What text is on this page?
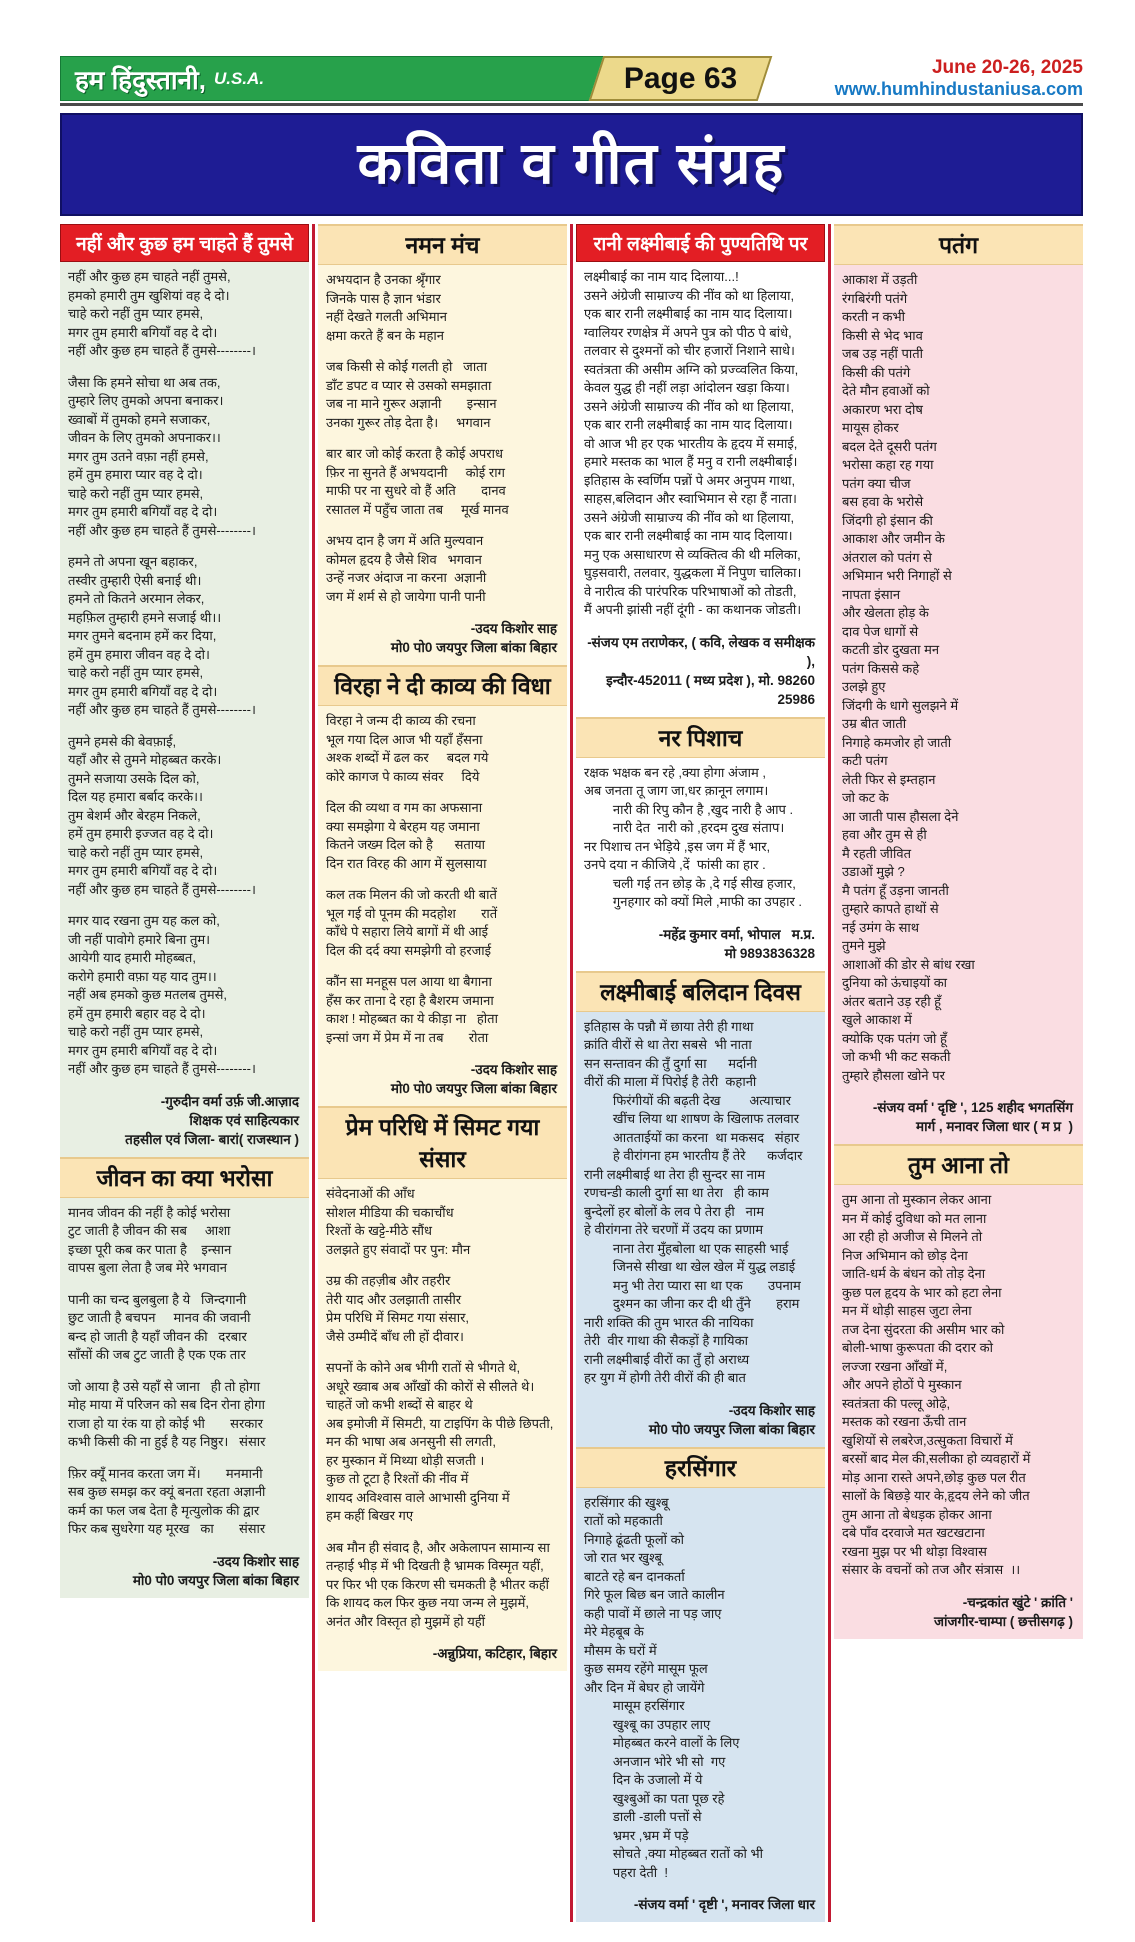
हम हिंदुस्तानी, U.S.A.	Page 63	June 20-26, 2025
www.humhindustaniusa.com
कविता व गीत संग्रह
नहीं और कुछ हम चाहते हैं तुमसे
नहीं और कुछ हम चाहते नहीं तुमसे,
हमको हमारी तुम खुशियां वह दे दो।
चाहे करो नहीं तुम प्यार हमसे,
मगर तुम हमारी बगियाँ वह दे दो।
नहीं और कुछ हम चाहते हैं तुमसे--------।
जैसा कि हमने सोचा था अब तक,
तुम्हारे लिए तुमको अपना बनाकर।
ख्वाबों में तुमको हमने सजाकर,
जीवन के लिए तुमको अपनाकर।।
मगर तुम उतने वफ़ा नहीं हमसे,
हमें तुम हमारा प्यार वह दे दो।
चाहे करो नहीं तुम प्यार हमसे,
मगर तुम हमारी बगियाँ वह दे दो।
नहीं और कुछ हम चाहते हैं तुमसे--------।
हमने तो अपना खून बहाकर,
तस्वीर तुम्हारी ऐसी बनाई थी।
हमने तो कितने अरमान लेकर,
महफ़िल तुम्हारी हमने सजाई थी।।
मगर तुमने बदनाम हमें कर दिया,
हमें तुम हमारा जीवन वह दे दो।
चाहे करो नहीं तुम प्यार हमसे,
मगर तुम हमारी बगियाँ वह दे दो।
नहीं और कुछ हम चाहते हैं तुमसे--------।
तुमने हमसे की बेवफ़ाई,
यहाँ और से तुमने मोहब्बत करके।
तुमने सजाया उसके दिल को,
दिल यह हमारा बर्बाद करके।।
तुम बेशर्म और बेरहम निकले,
हमें तुम हमारी इज्जत वह दे दो।
चाहे करो नहीं तुम प्यार हमसे,
मगर तुम हमारी बगियाँ वह दे दो।
नहीं और कुछ हम चाहते हैं तुमसे--------।
मगर याद रखना तुम यह कल को,
जी नहीं पावोगे हमारे बिना तुम।
आयेगी याद हमारी मोहब्बत,
करोगे हमारी वफ़ा यह याद तुम।।
नहीं अब हमको कुछ मतलब तुमसे,
हमें तुम हमारी बहार वह दे दो।
चाहे करो नहीं तुम प्यार हमसे,
मगर तुम हमारी बगियाँ वह दे दो।
नहीं और कुछ हम चाहते हैं तुमसे--------।
-गुरुदीन वर्मा उर्फ़ जी.आज़ाद
शिक्षक एवं साहित्यकार
तहसील एवं जिला- बारां( राजस्थान )
जीवन का क्या भरोसा
मानव जीवन की नहीं है कोई भरोसा
टुट जाती है जीवन की सब     आशा
इच्छा पूरी कब कर पाता है    इन्सान
वापस बुला लेता है जब मेरे भगवान
पानी का चन्द बुलबुला है ये   जिन्दगानी
छुट जाती है बचपन     मानव की जवानी
बन्द हो जाती है यहाँ जीवन की   दरबार
साँसों की जब टुट जाती है एक एक तार
जो आया है उसे यहाँ से जाना   ही तो होगा
मोह माया में परिजन को सब दिन रोना होगा
राजा हो या रंक या हो कोई भी       सरकार
कभी किसी की ना हुई है यह निष्ठुर।   संसार
फ़िर क्यूँ मानव करता जग में।       मनमानी
सब कुछ समझ कर क्यूं बनता रहता अज्ञानी
कर्म का फल जब देता है मृत्युलोक की द्वार
फिर कब सुधरेगा यह मूरख   का       संसार
-उदय किशोर साह
मो0 पो0 जयपुर जिला बांका बिहार
नमन मंच
अभयदान है उनका श्रृँगार
जिनके पास है ज्ञान भंडार
नहीं देखते गलती अभिमान
क्षमा करते हैं बन के महान
जब किसी से कोई गलती हो   जाता
डाँट डपट व प्यार से उसको समझाता
जब ना माने गुरूर अज्ञानी       इन्सान
उनका गुरूर तोड़ देता है।     भगवान
बार बार जो कोई करता है कोई अपराध
फ़िर ना सुनते हैं अभयदानी     कोई राग
माफी पर ना सुधरे वो हैं अति       दानव
रसातल में पहुँच जाता तब     मूर्ख मानव
अभय दान है जग में अति मुल्यवान
कोमल हृदय है जैसे शिव   भगवान
उन्हें नजर अंदाज ना करना  अज्ञानी
जग में शर्म से हो जायेगा पानी पानी
-उदय किशोर साह
मो0 पो0 जयपुर जिला बांका बिहार
विरहा ने दी काव्य की विधा
विरहा ने जन्म दी काव्य की रचना
भूल गया दिल आज भी यहाँ हँसना
अश्क शब्दों में ढल कर     बदल गये
कोरे कागज पे काव्य संवर     दिये
दिल की व्यथा व गम का अफसाना
क्या समझेगा ये बेरहम यह जमाना
कितने जख्म दिल को है      सताया
दिन रात विरह की आग में सुलसाया
कल तक मिलन की जो करती थी बातें
भूल गई वो पूनम की मदहोश       रातें
काँधे पे सहारा लिये बागों में थी आई
दिल की दर्द क्या समझेगी वो हरजाई
कौंन सा मनहूस पल आया था बैगाना
हँस कर ताना दे रहा है बैशरम जमाना
काश ! मोहब्बत का ये कीड़ा ना   होता
इन्सां जग में प्रेम में ना तब       रोता
-उदय किशोर साह
मो0 पो0 जयपुर जिला बांका बिहार
प्रेम परिधि में सिमट गया संसार
संवेदनाओं की आँध
सोशल मीडिया की चकाचौंध
रिश्तों के खट्टे-मीठे सौंध
उलझते हुए संवादों पर पुन: मौन
उम्र की तहज़ीब और तहरीर
तेरी याद और उलझाती तासीर
प्रेम परिधि में सिमट गया संसार,
जैसे उम्मीदें बाँध ली हों दीवार।
सपनों के कोने अब भीगी रातों से भीगते थे,
अधूरे ख्वाब अब आँखों की कोरों से सीलते थे।
चाहतें जो कभी शब्दों से बाहर थे
अब इमोजी में सिमटी, या टाइपिंग के पीछे छिपती,
मन की भाषा अब अनसुनी सी लगती,
हर मुस्कान में मिथ्या थोड़ी सजती ।
कुछ तो टूटा है रिश्तों की नींव में
शायद अविश्वास वाले आभासी दुनिया में
हम कहीं बिखर गए
अब मौन ही संवाद है, और अकेलापन सामान्य सा
तन्हाई भीड़ में भी दिखती है भ्रामक विस्मृत यहीं,
पर फिर भी एक किरण सी चमकती है भीतर कहीं
कि शायद कल फिर कुछ नया जन्म ले मुझमें,
अनंत और विस्तृत हो मुझमें हो यहीं
-अन्नुप्रिया, कटिहार, बिहार
रानी लक्ष्मीबाई की पुण्यतिथि पर
लक्ष्मीबाई का नाम याद दिलाया...!
उसने अंग्रेजी साम्राज्य की नींव को था हिलाया,
एक बार रानी लक्ष्मीबाई का नाम याद दिलाया।
ग्वालियर रणक्षेत्र में अपने पुत्र को पीठ पे बांधे,
तलवार से दुश्मनों को चीर हजारों निशाने साधे।
स्वतंत्रता की असीम अग्नि को प्रज्व्वलित किया,
केवल युद्ध ही नहीं लड़ा आंदोलन खड़ा किया।
उसने अंग्रेजी साम्राज्य की नींव को था हिलाया,
एक बार रानी लक्ष्मीबाई का नाम याद दिलाया।
वो आज भी हर एक भारतीय के हृदय में समाई,
हमारे मस्तक का भाल हैं मनु व रानी लक्ष्मीबाई।
इतिहास के स्वर्णिम पन्नों पे अमर अनुपम गाथा,
साहस,बलिदान और स्वाभिमान से रहा हैं नाता।
उसने अंग्रेजी साम्राज्य की नींव को था हिलाया,
एक बार रानी लक्ष्मीबाई का नाम याद दिलाया।
मनु एक असाधारण से व्यक्तित्व की थी मलिका,
घुड़सवारी, तलवार, युद्धकला में निपुण चालिका।
वे नारीत्व की पारंपरिक परिभाषाओं को तोडती,
मैं अपनी झांसी नहीं दूंगी - का कथानक जोडती।
-संजय एम तराणेकर, ( कवि, लेखक व समीक्षक ),
इन्दौर-452011 ( मध्य प्रदेश ), मो. 98260 25986
नर पिशाच
रक्षक भक्षक बन रहे ,क्या होगा अंजाम ,
अब जनता तू जाग जा,धर क़ानून लगाम।
नारी की रिपु कौन है ,खुद नारी है आप .
नारी देत  नारी को ,हरदम दुख संताप।
नर पिशाच तन भेड़िये ,इस जग में हैं भार,
उनपे दया न कीजिये ,दें  फांसी का हार .
चली गई तन छोड़ के ,दे गई सीख हजार,
गुनहगार को क्यों मिले ,माफी का उपहार .
-महेंद्र कुमार वर्मा, भोपाल   म.प्र.
मो 9893836328
लक्ष्मीबाई बलिदान दिवस
इतिहास के पन्नौ में छाया तेरी ही गाथा
क्रांति वीरों से था तेरा सबसे  भी नाता
सन सन्तावन की तुँ दुर्गा सा      मर्दानी
वीरों की माला में पिरोई है तेरी  कहानी
फिरंगीयों की बढ़ती देख        अत्याचार
खींच लिया था शाषण के खिलाफ तलवार
आतताईयों का करना  था मकसद   संहार
हे वीरांगना हम भारतीय हैं तेरे      कर्जदार
रानी लक्ष्मीबाई था तेरा ही सुन्दर सा नाम
रणचन्डी काली दुर्गा सा था तेरा   ही काम
बुन्देलों हर बोलों के लव पे तेरा ही   नाम
हे वीरांगना तेरे चरणों में उदय का प्रणाम
नाना तेरा मुँहबोला था एक साहसी भाई
जिनसे सीखा था खेल खेल में युद्ध लडाई
मनु भी तेरा प्यारा सा था एक       उपनाम
दुश्मन का जीना कर दी थी तुँने       हराम
नारी शक्ति की तुम भारत की नायिका
तेरी  वीर गाथा की सैकड़ों है गायिका
रानी लक्ष्मीबाई वीरों का तुँ हो अराध्य
हर युग में होगी तेरी वीरों की ही बात
-उदय किशोर साह
मो0 पो0 जयपुर जिला बांका बिहार
हरसिंगार
हरसिंगार की खुश्बू
रातों को महकाती
निगाहे ढूंढती फूलों को
जो रात भर खुश्बू
बाटते रहे बन दानकर्ता
गिरे फूल बिछ बन जाते कालीन
कही पावों में छाले ना पड़ जाए
मेरे मेहबूब के
मौसम के घरों में
कुछ समय रहेंगे मासूम फूल
और दिन में बेघर हो जायेंगे
मासूम हरसिंगार
खुश्बू का उपहार लाए
मोहब्बत करने वालों के लिए
अनजान भोरे भी सो  गए
दिन के उजालो में ये
खुश्बुओं का पता पूछ रहे
डाली -डाली पत्तों से
भ्रमर ,भ्रम में पड़े
सोचते ,क्या मोहब्बत रातों को भी
पहरा देती  !
-संजय वर्मा ' दृष्टी ', मनावर जिला धार
पतंग
आकाश में उड़ती
रंगबिरंगी पतंगे
करती न कभी
किसी से भेद भाव
जब उड़ नहीं पाती
किसी की पतंगे
देते मौन हवाओं को
अकारण भरा दोष
मायूस होकर
बदल देते दूसरी पतंग
भरोसा कहा रह गया
पतंग क्या चीज
बस हवा के भरोसे
जिंदगी हो इंसान की
आकाश और जमीन के
अंतराल को पतंग से
अभिमान भरी निगाहों से
नापता इंसान
और खेलता होड़ के
दाव पेज धागों से
कटती डोर दुखता मन
पतंग किससे कहे
उलझे हुए
जिंदगी के धागे सुलझने में
उम्र बीत जाती
निगाहे कमजोर हो जाती
कटी पतंग
लेती फिर से इम्तहान
जो कट के
आ जाती पास हौसला देने
हवा और तुम से ही
मै रहती जीवित
उडाओं मुझे ?
मै पतंग हूँ उड़ना जानती
तुम्हारे कापते हाथों से
नई उमंग के साथ
तुमने मुझे
आशाओं की डोर से बांध रखा
दुनिया को ऊंचाइयों का
अंतर बताने उड़ रही हूँ
खुले आकाश में
क्योकि एक पतंग जो हूँ
जो कभी भी कट सकती
तुम्हारे हौसला खोने पर
-संजय वर्मा ' दृष्टि ', 125 शहीद भगतसिंग
मार्ग , मनावर जिला धार ( म प्र  )
तुम आना तो
तुम आना तो मुस्कान लेकर आना
मन में कोई दुविधा को मत लाना
आ रही हो अजीज से मिलने तो
निज अभिमान को छोड़ देना
जाति-धर्म के बंधन को तोड़ देना
कुछ पल हृदय के भार को हटा लेना
मन में थोड़ी साहस जुटा लेना
तज देना सुंदरता की असीम भार को
बोली-भाषा कुरूपता की दरार को
लज्जा रखना आँखों में,
और अपने होठों पे मुस्कान
स्वतंत्रता की पल्लू ओढ़े,
मस्तक को रखना ऊँची तान
खुशियों से लबरेज,उत्सुकता विचारों में
बरसों बाद मेल की,सलीका हो व्यवहारों में
मोड़ आना रास्ते अपने,छोड़ कुछ पल रीत
सालों के बिछड़े यार के,हृदय लेने को जीत
तुम आना तो बेधड़क होकर आना
दबे पाँव दरवाजे मत खटखटाना
रखना मुझ पर भी थोड़ा विश्वास
संसार के वचनों को तज और संत्रास  ।।
-चन्द्रकांत खुंटे ' क्रांति '
जांजगीर-चाम्पा ( छत्तीसगढ़ )
